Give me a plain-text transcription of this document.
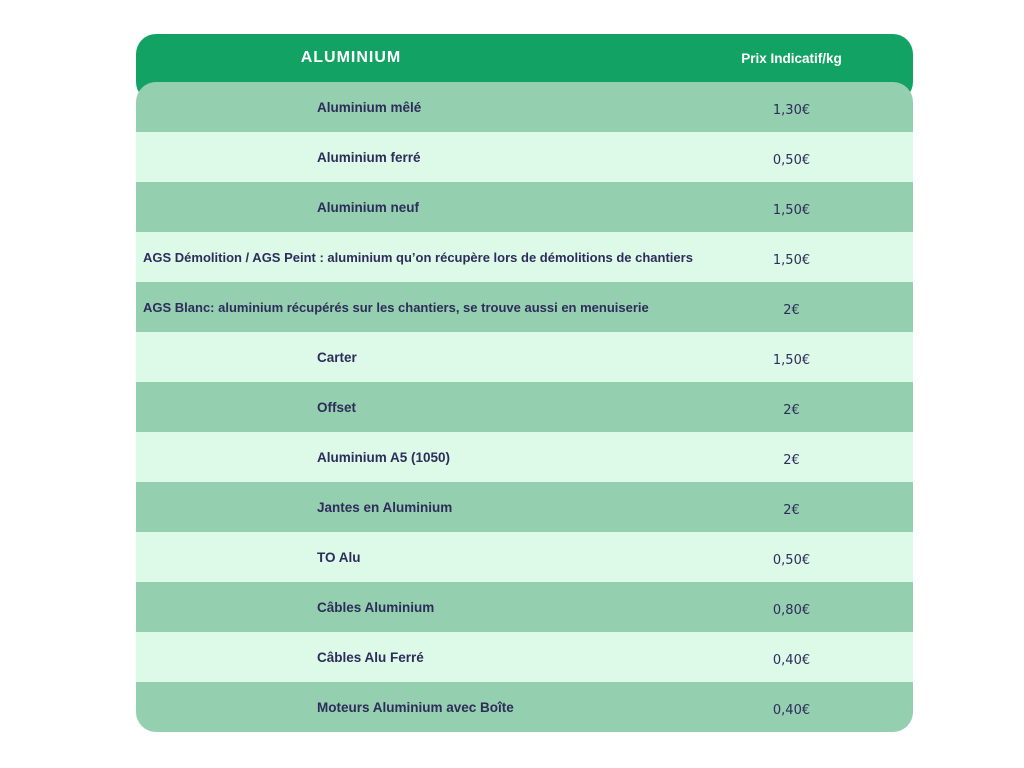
ALUMINIUM	Prix Indicatif/kg
Aluminium mêlé	1,30€
Aluminium ferré	0,50€
Aluminium neuf	1,50€
AGS Démolition / AGS Peint : aluminium qu’on récupère lors de démolitions de chantiers	1,50€
AGS Blanc: aluminium récupérés sur les chantiers, se trouve aussi en menuiserie	2€
Carter	1,50€
Offset	2€
Aluminium A5 (1050)	2€
Jantes en Aluminium	2€
TO Alu	0,50€
Câbles Aluminium	0,80€
Câbles Alu Ferré	0,40€
Moteurs Aluminium avec Boîte	0,40€
